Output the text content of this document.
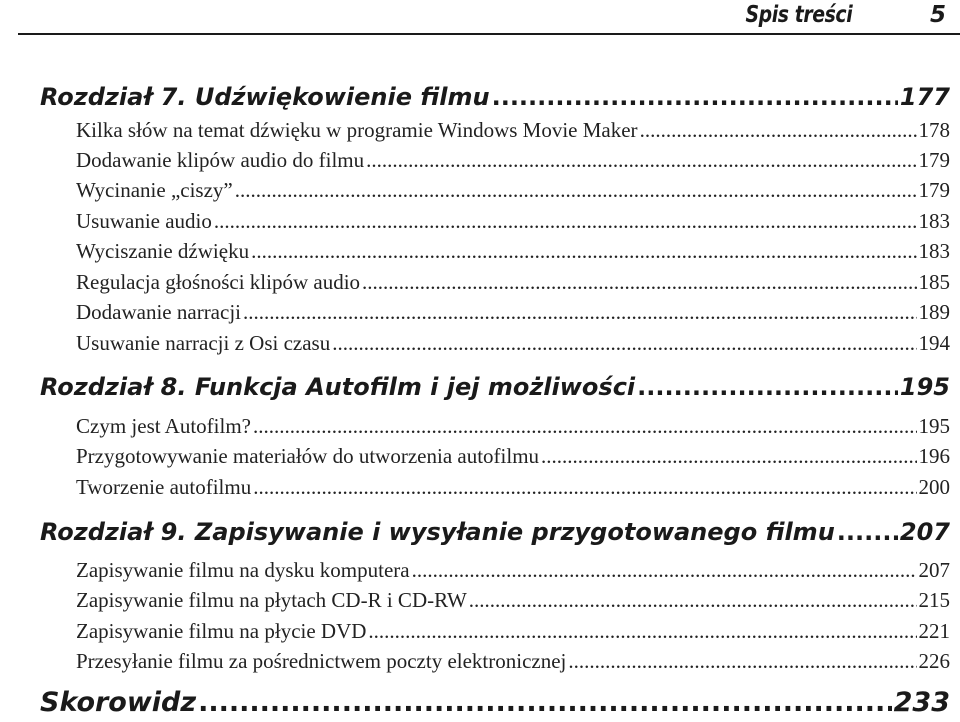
Spis treści	5
Rozdział 7. Udźwiękowienie filmu .....	177
Kilka słów na temat dźwięku w programie Windows Movie Maker .....	178
Dodawanie klipów audio do filmu .....	179
Wycinanie „ciszy” .....	179
Usuwanie audio .....	183
Wyciszanie dźwięku .....	183
Regulacja głośności klipów audio .....	185
Dodawanie narracji .....	189
Usuwanie narracji z Osi czasu .....	194
Rozdział 8. Funkcja Autofilm i jej możliwości .....	195
Czym jest Autofilm? .....	195
Przygotowywanie materiałów do utworzenia autofilmu .....	196
Tworzenie autofilmu .....	200
Rozdział 9. Zapisywanie i wysyłanie przygotowanego filmu .....	207
Zapisywanie filmu na dysku komputera .....	207
Zapisywanie filmu na płytach CD-R i CD-RW .....	215
Zapisywanie filmu na płycie DVD .....	221
Przesyłanie filmu za pośrednictwem poczty elektronicznej .....	226
Skorowidz .....	233
